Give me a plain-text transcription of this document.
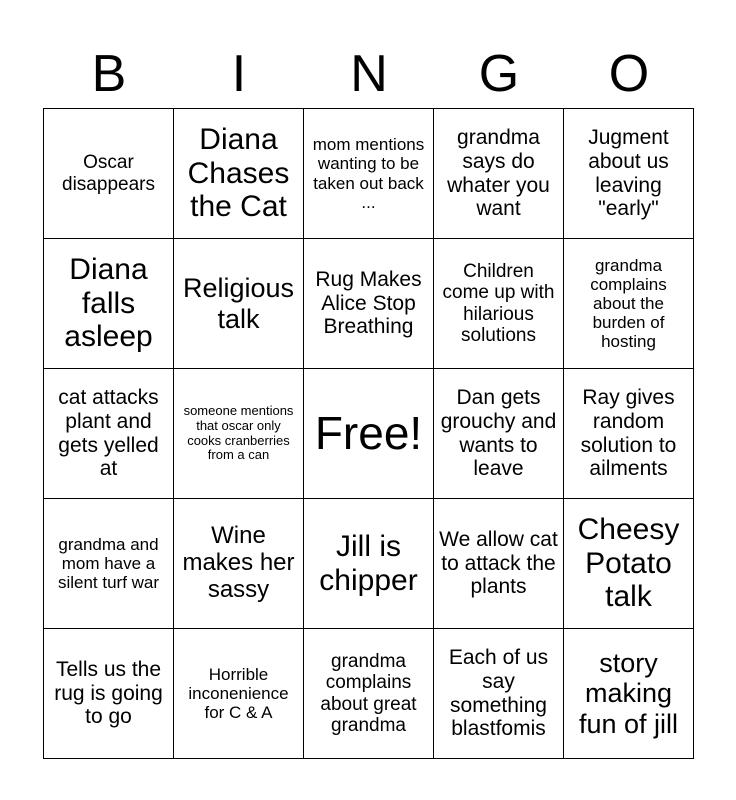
B	I	N	G	O
Oscar disappears	Diana Chases the Cat	mom mentions wanting to be taken out back ...	grandma says do whater you want	Jugment about us leaving "early"
Diana falls asleep	Religious talk	Rug Makes Alice Stop Breathing	Children come up with hilarious solutions	grandma complains about the burden of hosting
cat attacks plant and gets yelled at	someone mentions that oscar only cooks cranberries from a can	Free!	Dan gets grouchy and wants to leave	Ray gives random solution to ailments
grandma and mom have a silent turf war	Wine makes her sassy	Jill is chipper	We allow cat to attack the plants	Cheesy Potato talk
Tells us the rug is going to go	Horrible inconenience for C & A	grandma complains about great grandma	Each of us say something blastfomis	story making fun of jill
